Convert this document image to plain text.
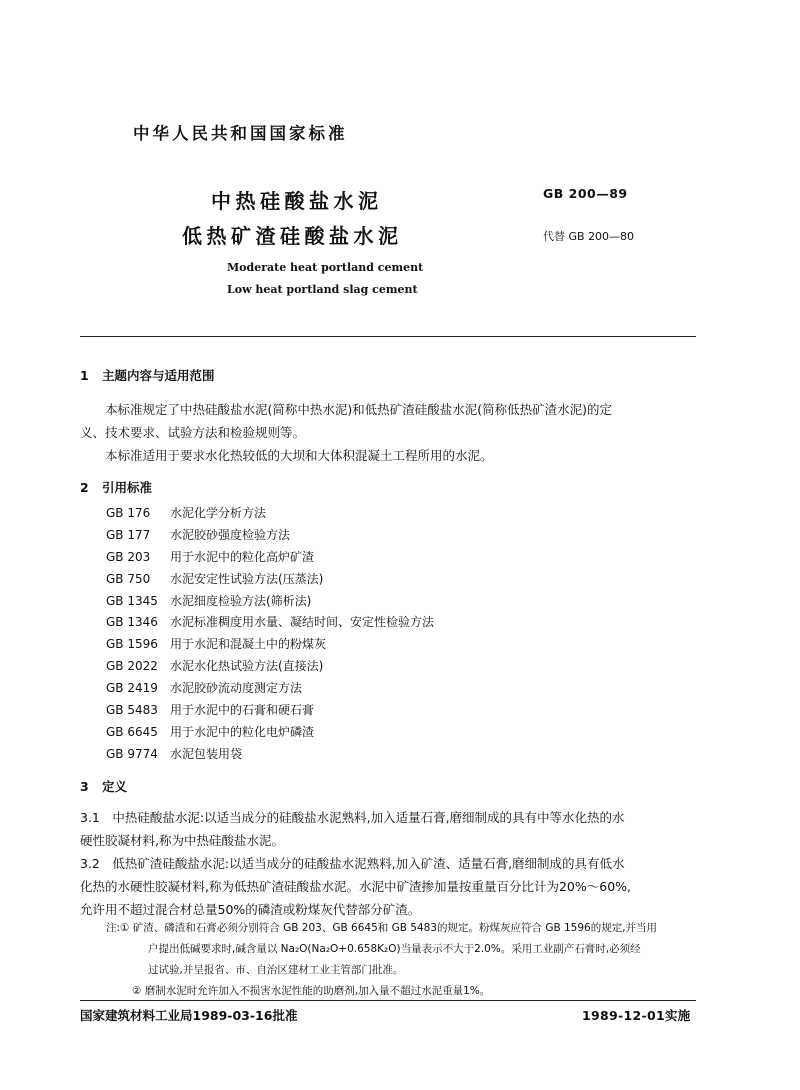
中华人民共和国国家标准
中热硅酸盐水泥
低热矿渣硅酸盐水泥
GB 200—89
代替 GB 200—80
Moderate heat portland cement
Low heat portland slag cement
1 主题内容与适用范围
本标准规定了中热硅酸盐水泥(简称中热水泥)和低热矿渣硅酸盐水泥(简称低热矿渣水泥)的定
义、技术要求、试验方法和检验规则等。
本标准适用于要求水化热较低的大坝和大体积混凝土工程所用的水泥。
2 引用标准
GB 176 水泥化学分析方法
GB 177 水泥胶砂强度检验方法
GB 203 用于水泥中的粒化高炉矿渣
GB 750 水泥安定性试验方法(压蒸法)
GB 1345 水泥细度检验方法(筛析法)
GB 1346 水泥标准稠度用水量、凝结时间、安定性检验方法
GB 1596 用于水泥和混凝土中的粉煤灰
GB 2022 水泥水化热试验方法(直接法)
GB 2419 水泥胶砂流动度测定方法
GB 5483 用于水泥中的石膏和硬石膏
GB 6645 用于水泥中的粒化电炉磷渣
GB 9774 水泥包装用袋
3 定义
3.1　中热硅酸盐水泥:以适当成分的硅酸盐水泥熟料,加入适量石膏,磨细制成的具有中等水化热的水
硬性胶凝材料,称为中热硅酸盐水泥。
3.2　低热矿渣硅酸盐水泥:以适当成分的硅酸盐水泥熟料,加入矿渣、适量石膏,磨细制成的具有低水
化热的水硬性胶凝材料,称为低热矿渣硅酸盐水泥。水泥中矿渣掺加量按重量百分比计为20%～60%,
允许用不超过混合材总量50%的磷渣或粉煤灰代替部分矿渣。
注:① 矿渣、磷渣和石膏必须分别符合 GB 203、GB 6645和 GB 5483的规定。粉煤灰应符合 GB 1596的规定,并当用
户提出低碱要求时,碱含量以 Na₂O(Na₂O+0.658K₂O)当量表示不大于2.0%。采用工业副产石膏时,必须经
过试验,并呈报省、市、自治区建材工业主管部门批准。
② 磨制水泥时允许加入不损害水泥性能的助磨剂,加入量不超过水泥重量1%。
国家建筑材料工业局1989-03-16批准	1989-12-01实施
